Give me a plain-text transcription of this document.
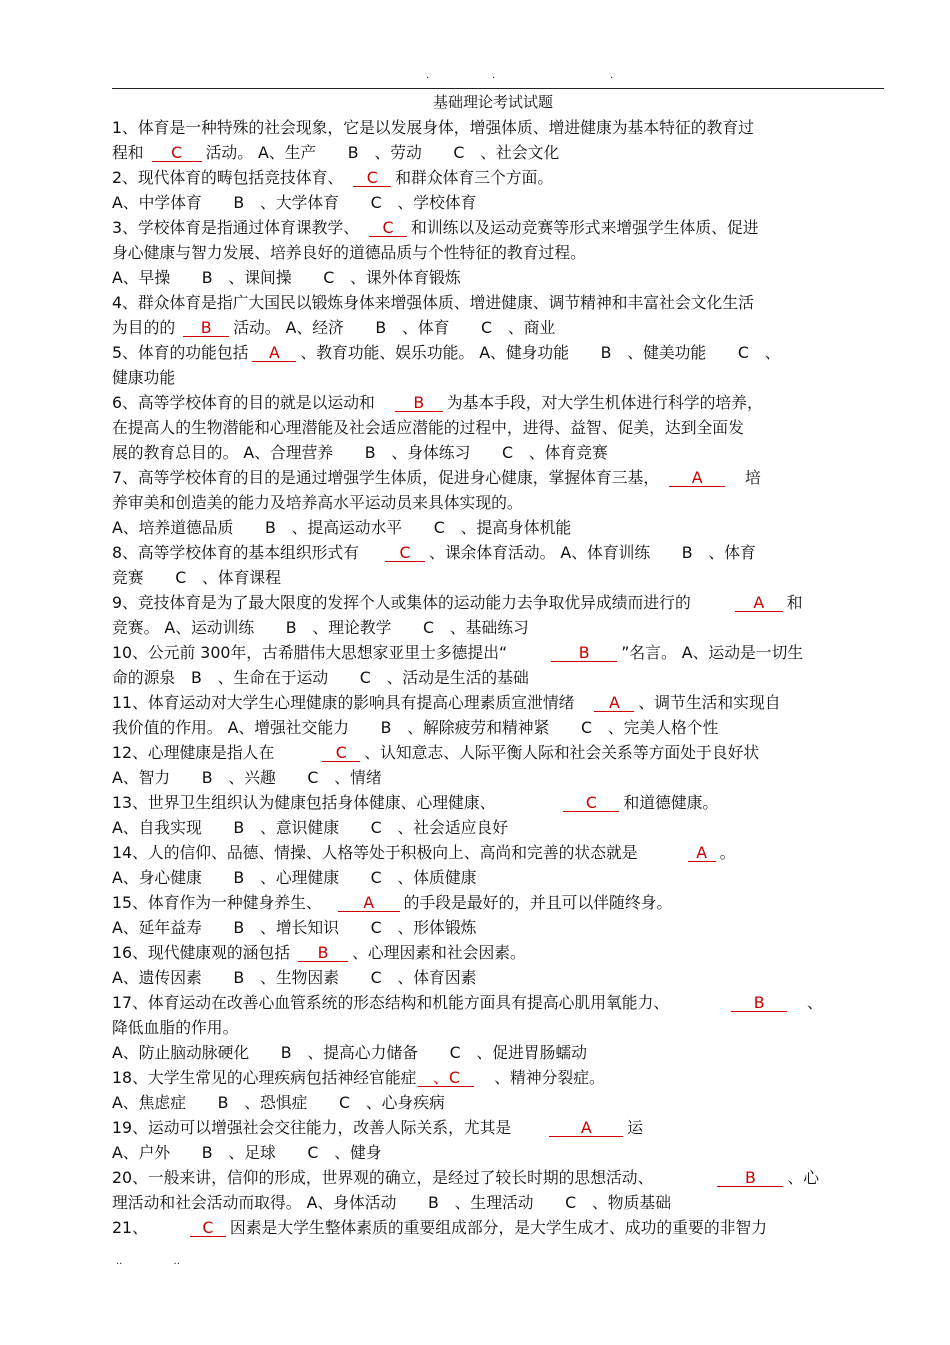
.	.	.
基础理论考试试题
1、体育是一种特殊的社会现象，它是以发展身体，增强体质、增进健康为基本特征的教育过
程和 C 活动。 A、生产　　B　、劳动　　C　、社会文化
2、现代体育的畴包括竞技体育、 C 和群众体育三个方面。
A、中学体育　　B　、大学体育　　C　、学校体育
3、学校体育是指通过体育课教学、 C 和训练以及运动竞赛等形式来增强学生体质、促进
身心健康与智力发展、培养良好的道德品质与个性特征的教育过程。
A、早操　　B　、课间操　　C　、课外体育锻炼
4、群众体育是指广大国民以锻炼身体来增强体质、增进健康、调节精神和丰富社会文化生活
为目的的 B 活动。 A、经济　　B　、体育　　C　、商业
5、体育的功能包括 A 、教育功能、娱乐功能。 A、健身功能　　B　、健美功能　　C　、
健康功能
6、高等学校体育的目的就是以运动和 B 为基本手段，对大学生机体进行科学的培养，
在提高人的生物潜能和心理潜能及社会适应潜能的过程中，进得、益智、促美，达到全面发
展的教育总目的。 A、合理营养　　B　、身体练习　　C　、体育竞赛
7、高等学校体育的目的是通过增强学生体质，促进身心健康，掌握体育三基， A　培
养审美和创造美的能力及培养高水平运动员来具体实现的。
A、培养道德品质　　B　、提高运动水平　　C　、提高身体机能
8、高等学校体育的基本组织形式有	C 、课余体育活动。 A、体育训练　　B　、体育
竞赛　　C　、体育课程
9、竞技体育是为了最大限度的发挥个人或集体的运动能力去争取优异成绩而进行的	A 和
竞赛。 A、运动训练　　B　、理论教学　　C　、基础练习
10、公元前 300年，古希腊伟大思想家亚里士多德提出“	B ”名言。 A、运动是一切生
命的源泉　B　、生命在于运动　　C　、活动是生活的基础
11、体育运动对大学生心理健康的影响具有提高心理素质宣泄情绪 A 、调节生活和实现自
我价值的作用。 A、增强社交能力　　B　、解除疲劳和精神紧　　C　、完美人格个性
12、心理健康是指人在	C 、认知意志、人际平衡人际和社会关系等方面处于良好状
A、智力　　B　、兴趣　　C　、情绪
13、世界卫生组织认为健康包括身体健康、心理健康、	C 和道德健康。
A、自我实现　　B　、意识健康　　C　、社会适应良好
14、人的信仰、品德、情操、人格等处于积极向上、高尚和完善的状态就是	A 。
A、身心健康　　B　、心理健康　　C　、体质健康
15、体育作为一种健身养生、	A 的手段是最好的，并且可以伴随终身。
A、延年益寿　　B　、增长知识　　C　、形体锻炼
16、现代健康观的涵包括 B 、心理因素和社会因素。
A、遗传因素　　B　、生物因素　　C　、体育因素
17、体育运动在改善心血管系统的形态结构和机能方面具有提高心肌用氧能力、	B　、
降低血脂的作用。
A、防止脑动脉硬化　　B　、提高心力储备　　C　、促进胃肠蠕动
18、大学生常见的心理疾病包括神经官能症 、C　、精神分裂症。
A、焦虑症　　B　、恐惧症　　C　、心身疾病
19、运动可以增强社会交往能力，改善人际关系，尤其是	A 运
A、户外　　B　、足球　　C　、健身
20、一般来讲，信仰的形成，世界观的确立，是经过了较长时期的思想活动、	B 、心
理活动和社会活动而取得。 A、身体活动　　B　、生理活动　　C　、物质基础
21、	C 因素是大学生整体素质的重要组成部分，是大学生成才、成功的重要的非智力
..	..
